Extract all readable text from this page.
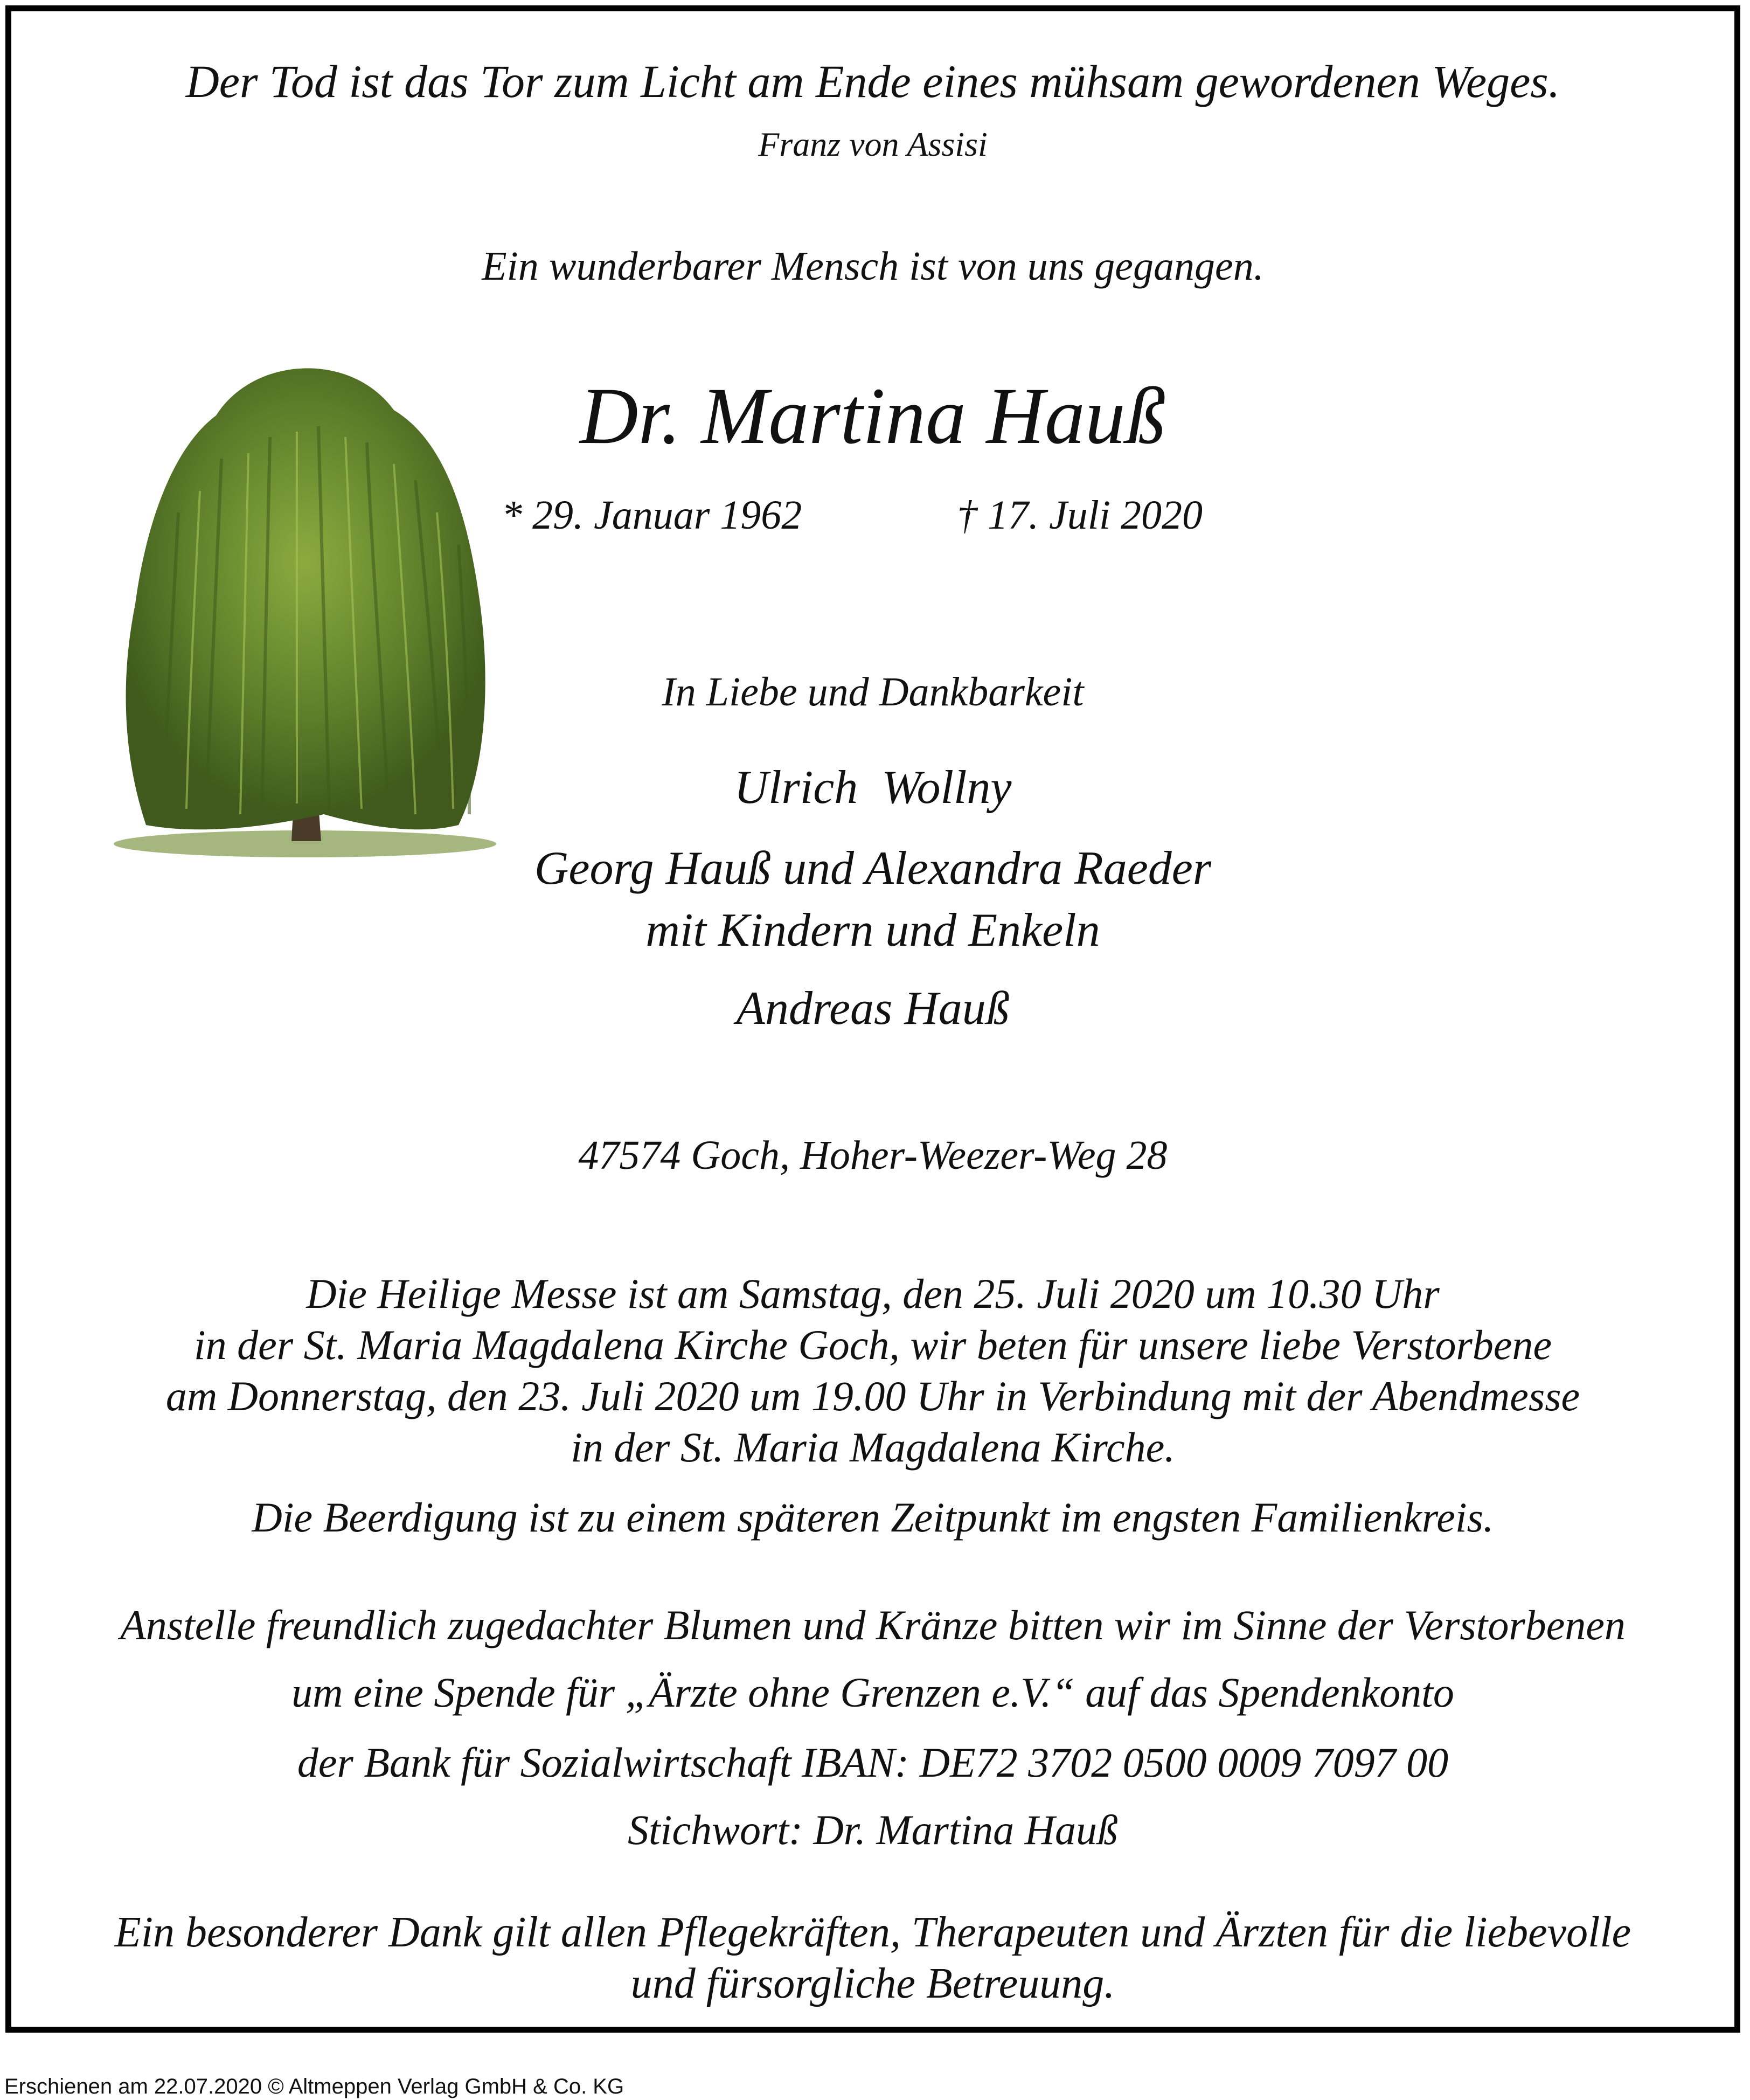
Der Tod ist das Tor zum Licht am Ende eines mühsam gewordenen Weges.
Franz von Assisi
Ein wunderbarer Mensch ist von uns gegangen.
Dr. Martina Hauß
* 29. Januar 1962	† 17. Juli 2020
In Liebe und Dankbarkeit
Ulrich  Wollny
Georg Hauß und Alexandra Raeder
mit Kindern und Enkeln
Andreas Hauß
47574 Goch, Hoher-Weezer-Weg 28
Die Heilige Messe ist am Samstag, den 25. Juli 2020 um 10.30 Uhr
in der St. Maria Magdalena Kirche Goch, wir beten für unsere liebe Verstorbene
am Donnerstag, den 23. Juli 2020 um 19.00 Uhr in Verbindung mit der Abendmesse
in der St. Maria Magdalena Kirche.
Die Beerdigung ist zu einem späteren Zeitpunkt im engsten Familienkreis.
Anstelle freundlich zugedachter Blumen und Kränze bitten wir im Sinne der Verstorbenen
um eine Spende für „Ärzte ohne Grenzen e.V.“ auf das Spendenkonto
der Bank für Sozialwirtschaft IBAN: DE72 3702 0500 0009 7097 00
Stichwort: Dr. Martina Hauß
Ein besonderer Dank gilt allen Pflegekräften, Therapeuten und Ärzten für die liebevolle
und fürsorgliche Betreuung.
Erschienen am 22.07.2020 © Altmeppen Verlag GmbH & Co. KG
